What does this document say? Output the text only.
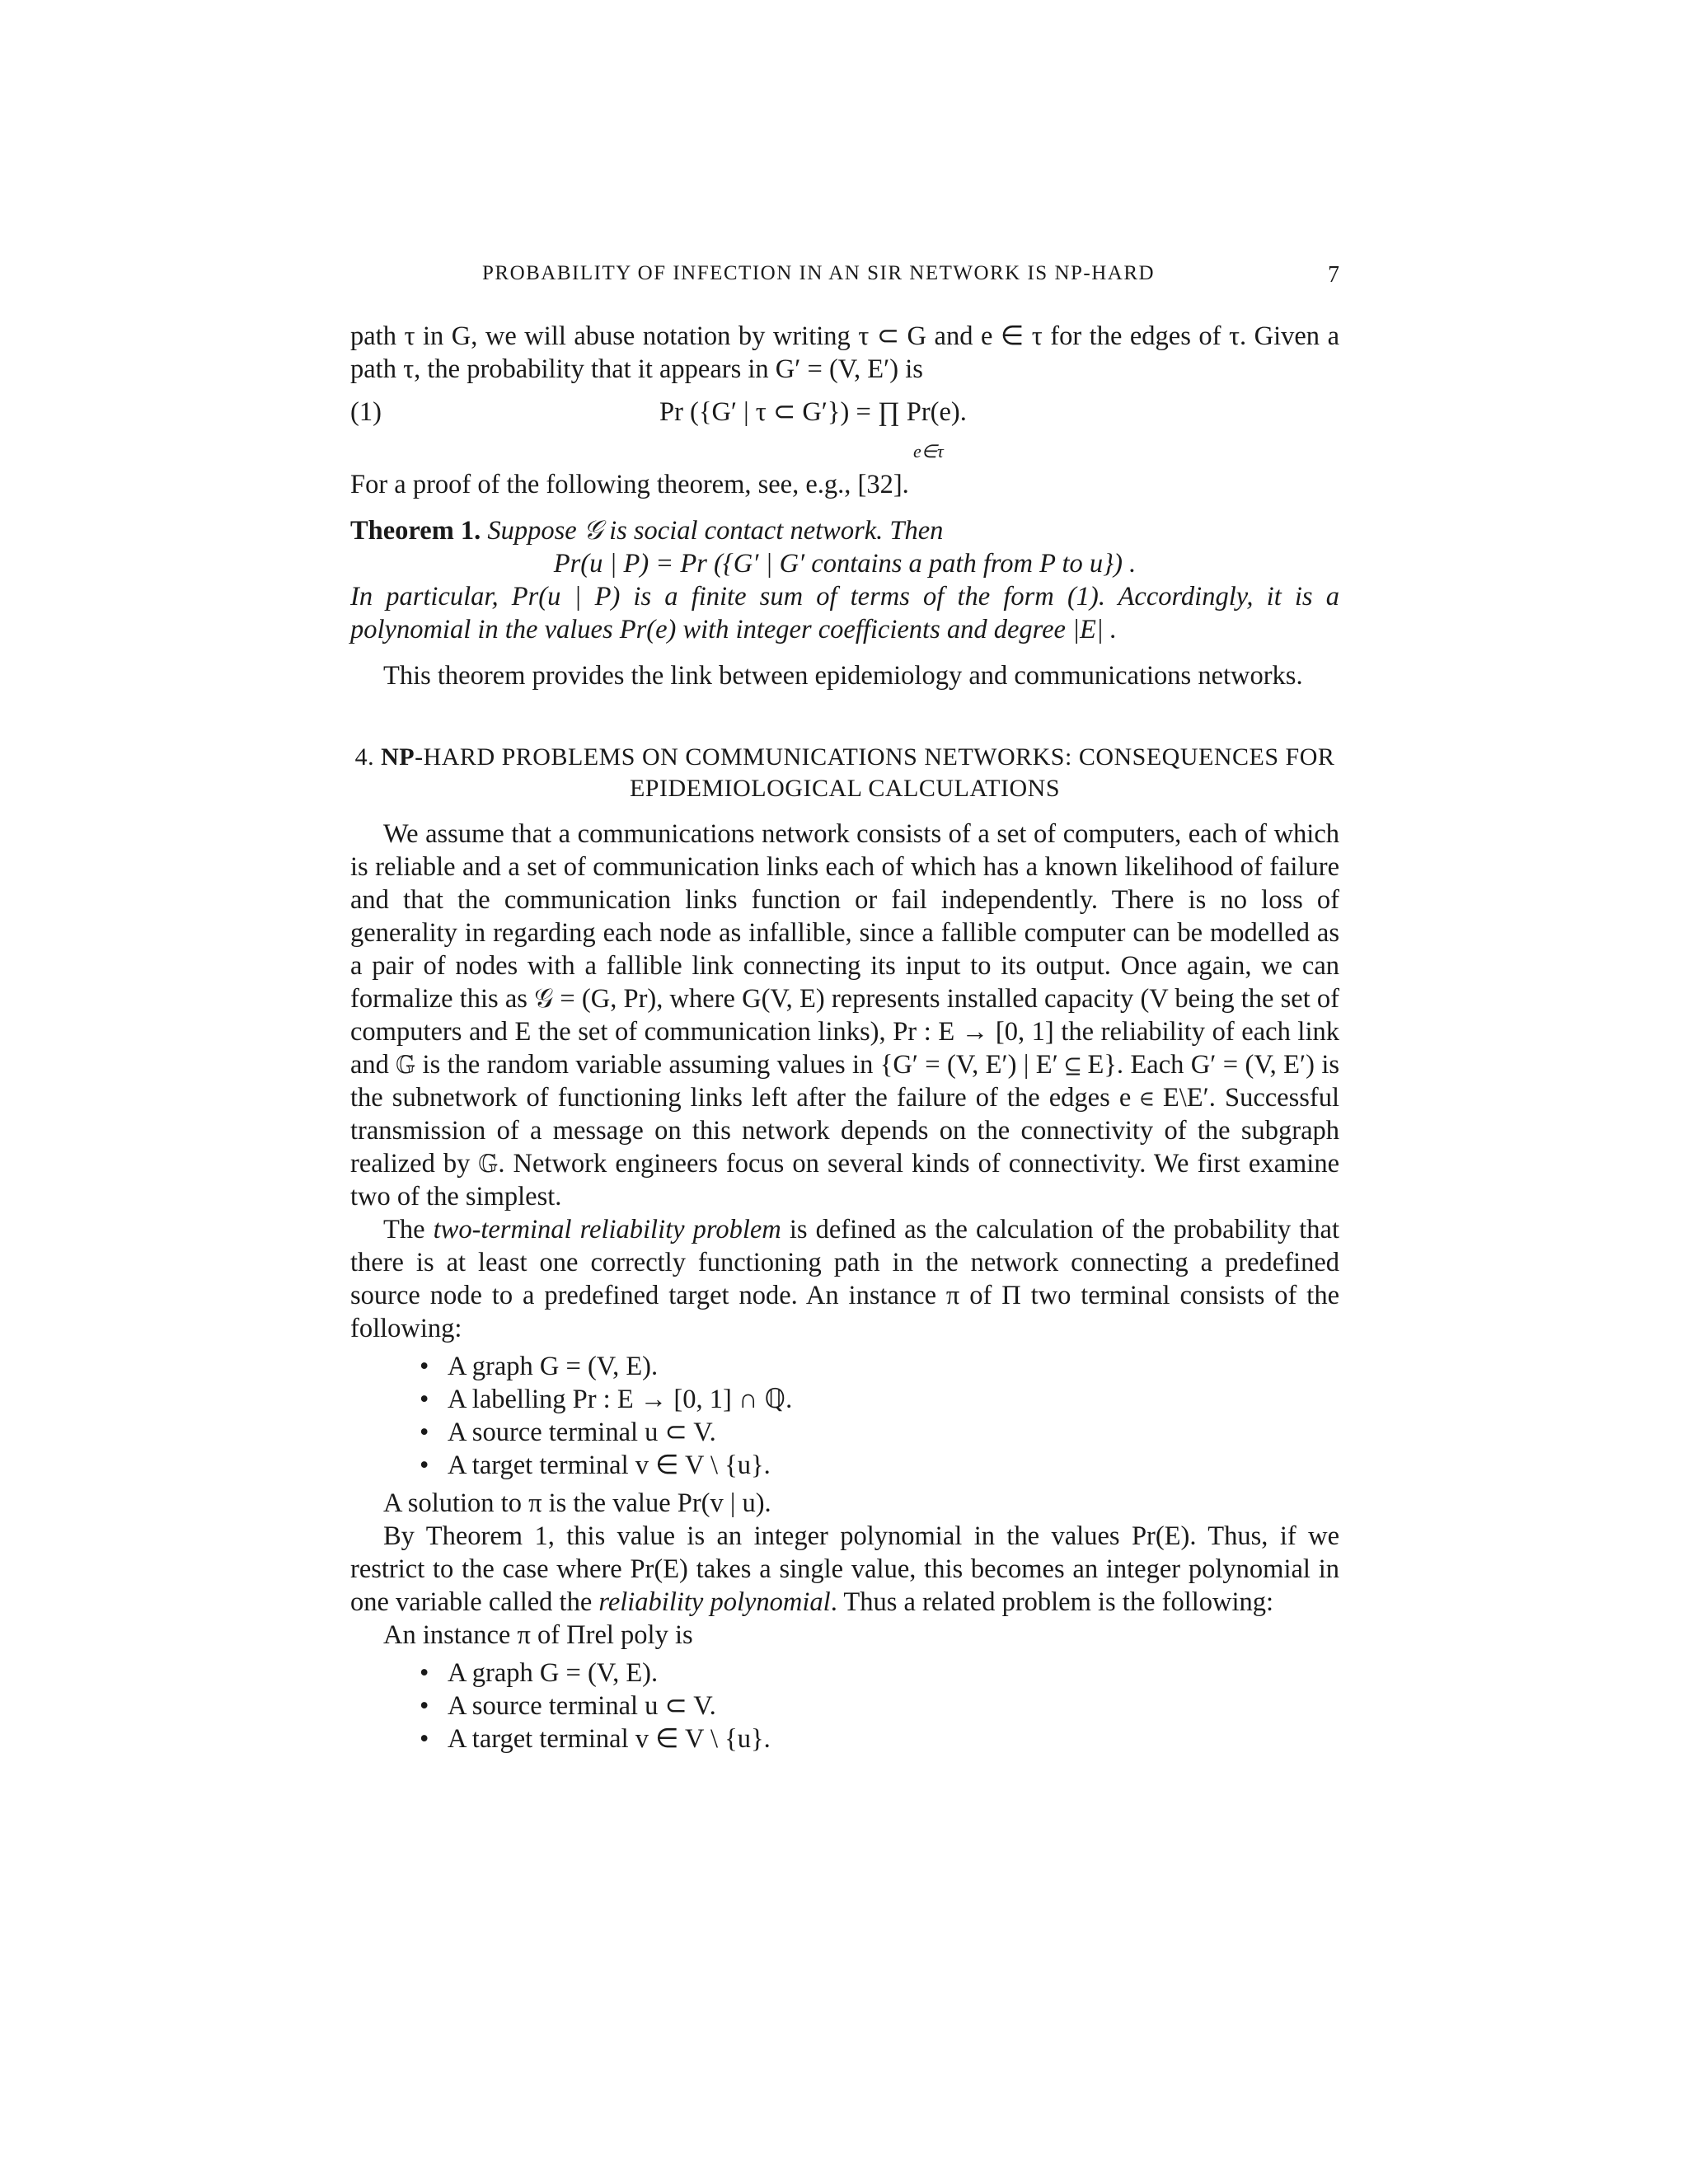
PROBABILITY OF INFECTION IN AN SIR NETWORK IS NP-HARD	7

path τ in G, we will abuse notation by writing τ ⊂ G and e ∈ τ for the edges of τ. Given a path τ, the probability that it appears in G′ = (V, E′) is

(1)	Pr ({G′ | τ ⊂ G′}) = ∏ Pr(e).
e∈τ

For a proof of the following theorem, see, e.g., [32].

Theorem 1. Suppose 𝒢 is social contact network. Then

Pr(u | P) = Pr ({G′ | G′ contains a path from P to u}) .

In particular, Pr(u | P) is a finite sum of terms of the form (1). Accordingly, it is a polynomial in the values Pr(e) with integer coefficients and degree |E| .

This theorem provides the link between epidemiology and communications networks.

4. NP-HARD PROBLEMS ON COMMUNICATIONS NETWORKS: CONSEQUENCES FOR EPIDEMIOLOGICAL CALCULATIONS

We assume that a communications network consists of a set of computers, each of which is reliable and a set of communication links each of which has a known likelihood of failure and that the communication links function or fail independently. There is no loss of generality in regarding each node as infallible, since a fallible computer can be modelled as a pair of nodes with a fallible link connecting its input to its output. Once again, we can formalize this as 𝒢 = (G, Pr), where G(V, E) represents installed capacity (V being the set of computers and E the set of communication links), Pr : E → [0, 1] the reliability of each link and 𝔾 is the random variable assuming values in {G′ = (V, E′) | E′ ⊆ E}. Each G′ = (V, E′) is the subnetwork of functioning links left after the failure of the edges e ∈ E\E′. Successful transmission of a message on this network depends on the connectivity of the subgraph realized by 𝔾. Network engineers focus on several kinds of connectivity. We first examine two of the simplest.

The two-terminal reliability problem is defined as the calculation of the probability that there is at least one correctly functioning path in the network connecting a predefined source node to a predefined target node. An instance π of Π two terminal consists of the following:

• A graph G = (V, E).
• A labelling Pr : E → [0, 1] ∩ ℚ.
• A source terminal u ⊂ V.
• A target terminal v ∈ V \ {u}.

A solution to π is the value Pr(v | u).

By Theorem 1, this value is an integer polynomial in the values Pr(E). Thus, if we restrict to the case where Pr(E) takes a single value, this becomes an integer polynomial in one variable called the reliability polynomial. Thus a related problem is the following:

An instance π of Πrel poly is

• A graph G = (V, E).
• A source terminal u ⊂ V.
• A target terminal v ∈ V \ {u}.
